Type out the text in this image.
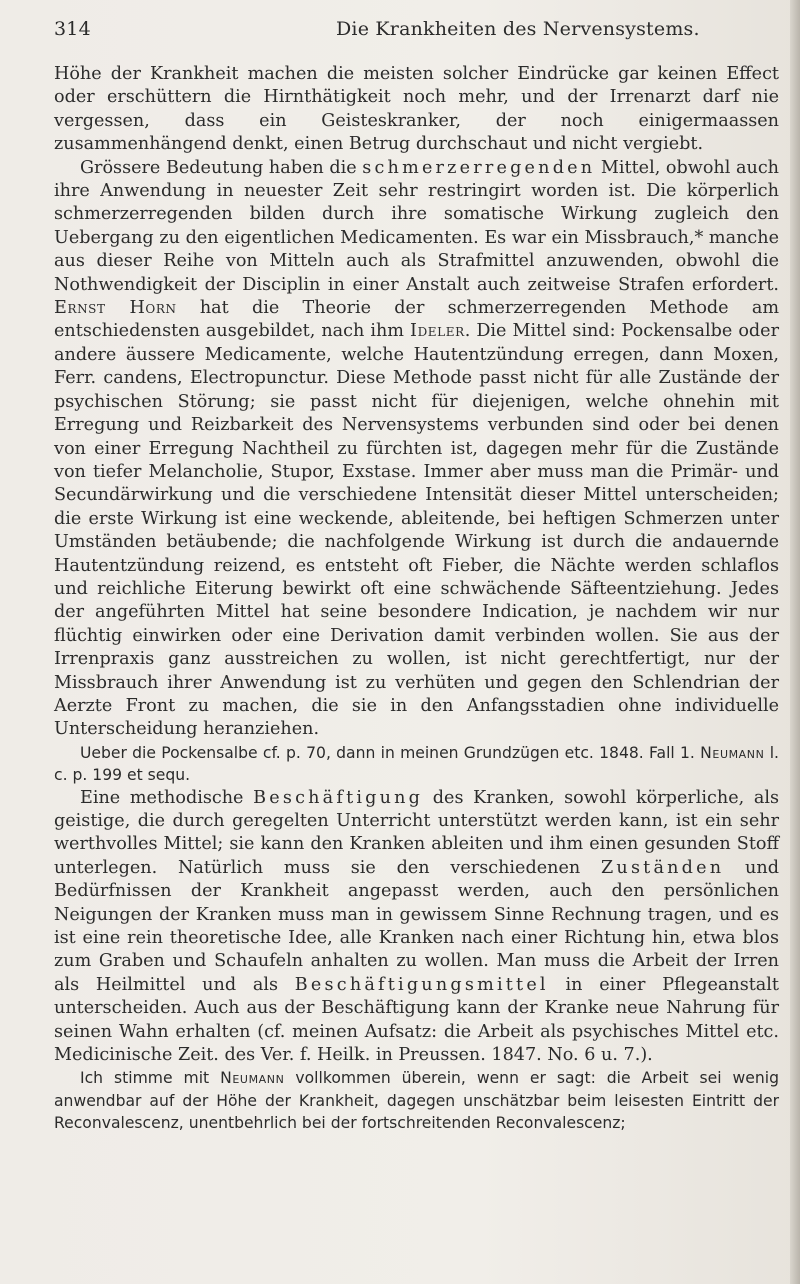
314	Die Krankheiten des Nervensystems.

Höhe der Krankheit machen die meisten solcher Eindrücke gar keinen Effect oder erschüttern die Hirnthätigkeit noch mehr, und der Irrenarzt darf nie vergessen, dass ein Geisteskranker, der noch einigermaassen zusammenhängend denkt, einen Betrug durchschaut und nicht vergiebt.

Grössere Bedeutung haben die schmerzerregenden Mittel, obwohl auch ihre Anwendung in neuester Zeit sehr restringirt worden ist. Die körperlich schmerzerregenden bilden durch ihre somatische Wirkung zugleich den Uebergang zu den eigentlichen Medicamenten. Es war ein Missbrauch,* manche aus dieser Reihe von Mitteln auch als Strafmittel anzuwenden, obwohl die Nothwendigkeit der Disciplin in einer Anstalt auch zeitweise Strafen erfordert. Ernst Horn hat die Theorie der schmerzerregenden Methode am entschiedensten ausgebildet, nach ihm Ideler. Die Mittel sind: Pockensalbe oder andere äussere Medicamente, welche Hautentzündung erregen, dann Moxen, Ferr. candens, Electropunctur. Diese Methode passt nicht für alle Zustände der psychischen Störung; sie passt nicht für diejenigen, welche ohnehin mit Erregung und Reizbarkeit des Nervensystems verbunden sind oder bei denen von einer Erregung Nachtheil zu fürchten ist, dagegen mehr für die Zustände von tiefer Melancholie, Stupor, Exstase. Immer aber muss man die Primär- und Secundärwirkung und die verschiedene Intensität dieser Mittel unterscheiden; die erste Wirkung ist eine weckende, ableitende, bei heftigen Schmerzen unter Umständen betäubende; die nachfolgende Wirkung ist durch die andauernde Hautentzündung reizend, es entsteht oft Fieber, die Nächte werden schlaflos und reichliche Eiterung bewirkt oft eine schwächende Säfteentziehung. Jedes der angeführten Mittel hat seine besondere Indication, je nachdem wir nur flüchtig einwirken oder eine Derivation damit verbinden wollen. Sie aus der Irrenpraxis ganz ausstreichen zu wollen, ist nicht gerechtfertigt, nur der Missbrauch ihrer Anwendung ist zu verhüten und gegen den Schlendrian der Aerzte Front zu machen, die sie in den Anfangsstadien ohne individuelle Unterscheidung heranziehen.

Ueber die Pockensalbe cf. p. 70, dann in meinen Grundzügen etc. 1848. Fall 1. Neumann l. c. p. 199 et sequ.

Eine methodische Beschäftigung des Kranken, sowohl körperliche, als geistige, die durch geregelten Unterricht unterstützt werden kann, ist ein sehr werthvolles Mittel; sie kann den Kranken ableiten und ihm einen gesunden Stoff unterlegen. Natürlich muss sie den verschiedenen Zuständen und Bedürfnissen der Krankheit angepasst werden, auch den persönlichen Neigungen der Kranken muss man in gewissem Sinne Rechnung tragen, und es ist eine rein theoretische Idee, alle Kranken nach einer Richtung hin, etwa blos zum Graben und Schaufeln anhalten zu wollen. Man muss die Arbeit der Irren als Heilmittel und als Beschäftigungsmittel in einer Pflegeanstalt unterscheiden. Auch aus der Beschäftigung kann der Kranke neue Nahrung für seinen Wahn erhalten (cf. meinen Aufsatz: die Arbeit als psychisches Mittel etc. Medicinische Zeit. des Ver. f. Heilk. in Preussen. 1847. No. 6 u. 7.).

Ich stimme mit Neumann vollkommen überein, wenn er sagt: die Arbeit sei wenig anwendbar auf der Höhe der Krankheit, dagegen unschätzbar beim leisesten Eintritt der Reconvalescenz, unentbehrlich bei der fortschreitenden Reconvalescenz;
